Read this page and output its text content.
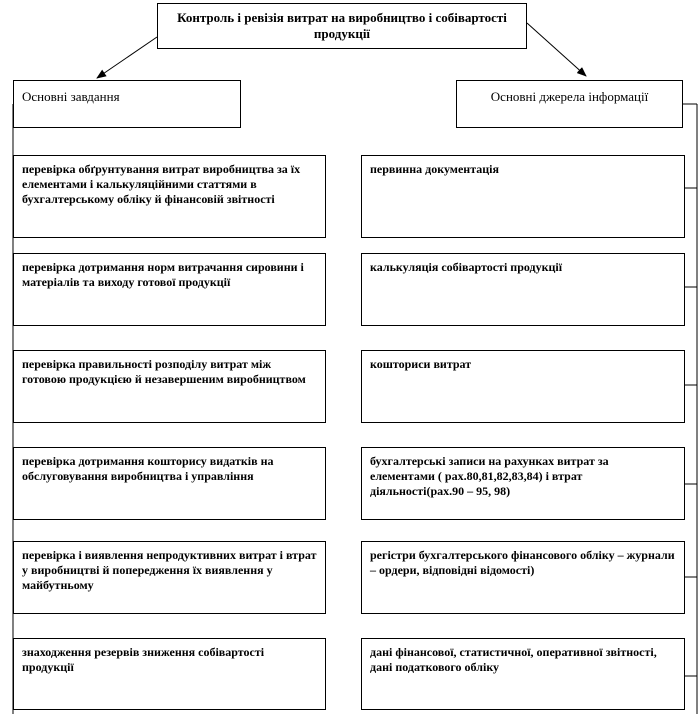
Контроль і ревізія витрат на виробництво і собівартості продукції
Основні завдання	Основні джерела інформації
перевірка обґрунтування витрат виробництва за їх елементами і калькуляційними статтями в бухгалтерському обліку й фінансовій звітності
перевірка дотримання норм витрачання сировини і матеріалів та виходу готової продукції
перевірка правильності розподілу витрат між готовою продукцією й незавершеним виробництвом
перевірка дотримання кошторису видатків на обслуговування виробництва і управління
перевірка і виявлення непродуктивних витрат і втрат у виробництві й попередження їх виявлення у майбутньому
знаходження резервів зниження собівартості продукції
первинна документація
калькуляція собівартості продукції
кошториси витрат
бухгалтерські записи на рахунках витрат за елементами ( рах.80,81,82,83,84) і втрат діяльності(рах.90 – 95, 98)
регістри бухгалтерського фінансового обліку – журнали – ордери, відповідні відомості)
дані фінансової, статистичної, оперативної звітності, дані податкового обліку
